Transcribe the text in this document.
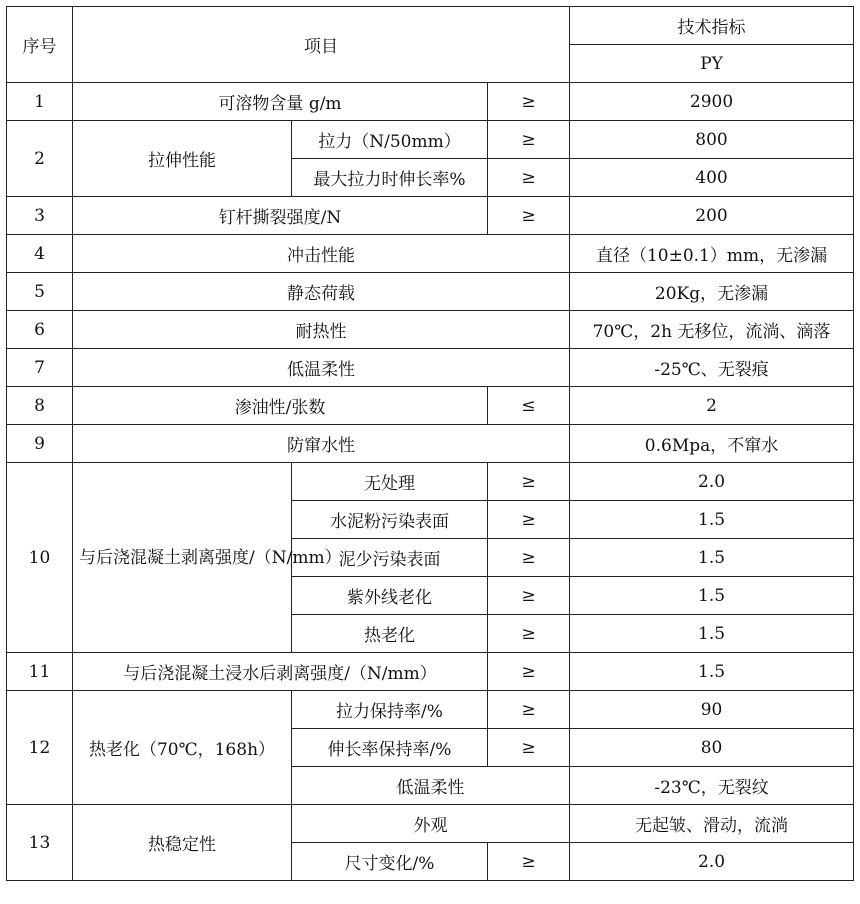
序号	项目			技术指标
				PY
1	可溶物含量 g/m		≥	2900
2	拉伸性能	拉力（N/50mm）	≥	800
		最大拉力时伸长率%	≥	400
3	钉杆撕裂强度/N		≥	200
4	冲击性能			直径（10±0.1）mm，无渗漏
5	静态荷载			20Kg，无渗漏
6	耐热性			70℃，2h 无移位，流淌、滴落
7	低温柔性			-25℃、无裂痕
8	渗油性/张数		≤	2
9	防窜水性			0.6Mpa，不窜水
10	与后浇混凝土剥离强度/（N/mm）	无处理	≥	2.0
		水泥粉污染表面	≥	1.5
		泥少污染表面	≥	1.5
		紫外线老化	≥	1.5
		热老化	≥	1.5
11	与后浇混凝土浸水后剥离强度/（N/mm）		≥	1.5
12	热老化（70℃，168h）	拉力保持率/%	≥	90
		伸长率保持率/%	≥	80
		低温柔性		-23℃，无裂纹
13	热稳定性	外观		无起皱、滑动，流淌
		尺寸变化/%	≥	2.0
